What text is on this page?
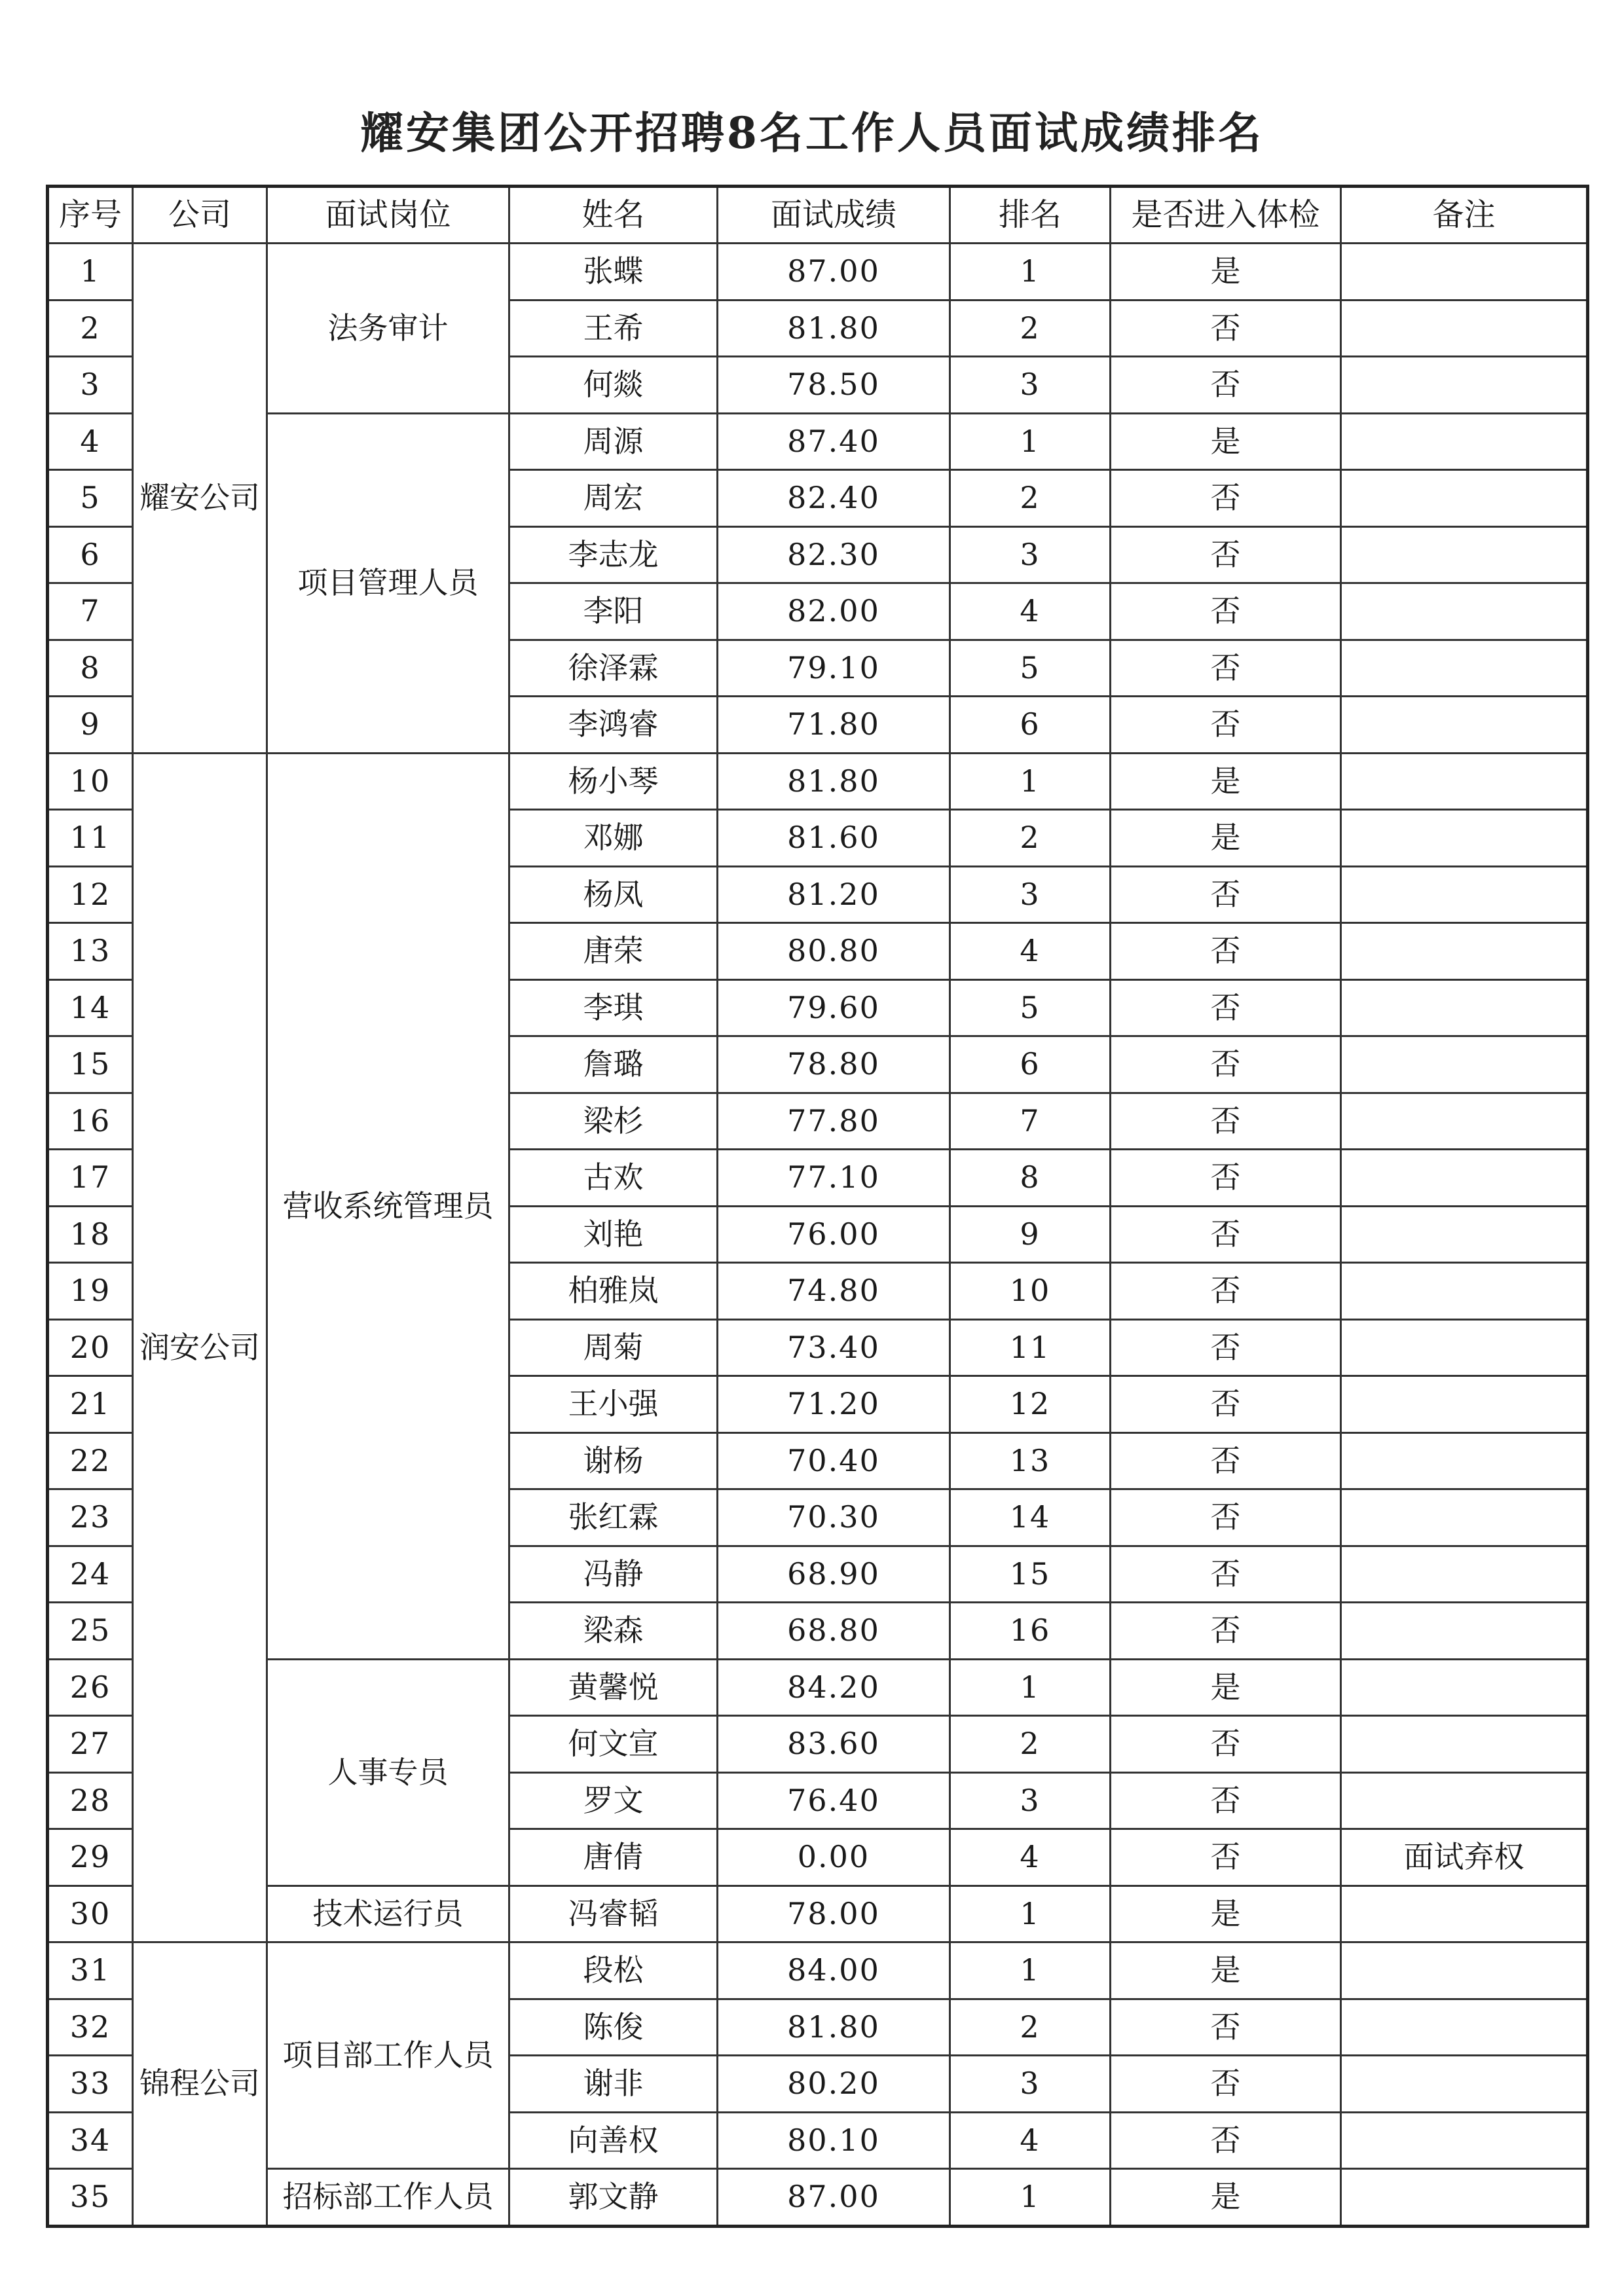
耀安集团公开招聘8名工作人员面试成绩排名
序号	公司	面试岗位	姓名	面试成绩	排名	是否进入体检	备注
1	耀安公司	法务审计	张蝶	87.00	1	是	
2			王希	81.80	2	否	
3			何燚	78.50	3	否	
4		项目管理人员	周源	87.40	1	是	
5			周宏	82.40	2	否	
6			李志龙	82.30	3	否	
7			李阳	82.00	4	否	
8			徐泽霖	79.10	5	否	
9			李鸿睿	71.80	6	否	
10	润安公司	营收系统管理员	杨小琴	81.80	1	是	
11			邓娜	81.60	2	是	
12			杨凤	81.20	3	否	
13			唐荣	80.80	4	否	
14			李琪	79.60	5	否	
15			詹璐	78.80	6	否	
16			梁杉	77.80	7	否	
17			古欢	77.10	8	否	
18			刘艳	76.00	9	否	
19			柏雅岚	74.80	10	否	
20			周菊	73.40	11	否	
21			王小强	71.20	12	否	
22			谢杨	70.40	13	否	
23			张红霖	70.30	14	否	
24			冯静	68.90	15	否	
25			梁森	68.80	16	否	
26		人事专员	黄馨悦	84.20	1	是	
27			何文宣	83.60	2	否	
28			罗文	76.40	3	否	
29			唐倩	0.00	4	否	面试弃权
30		技术运行员	冯睿韬	78.00	1	是	
31	锦程公司	项目部工作人员	段松	84.00	1	是	
32			陈俊	81.80	2	否	
33			谢非	80.20	3	否	
34			向善权	80.10	4	否	
35		招标部工作人员	郭文静	87.00	1	是	
